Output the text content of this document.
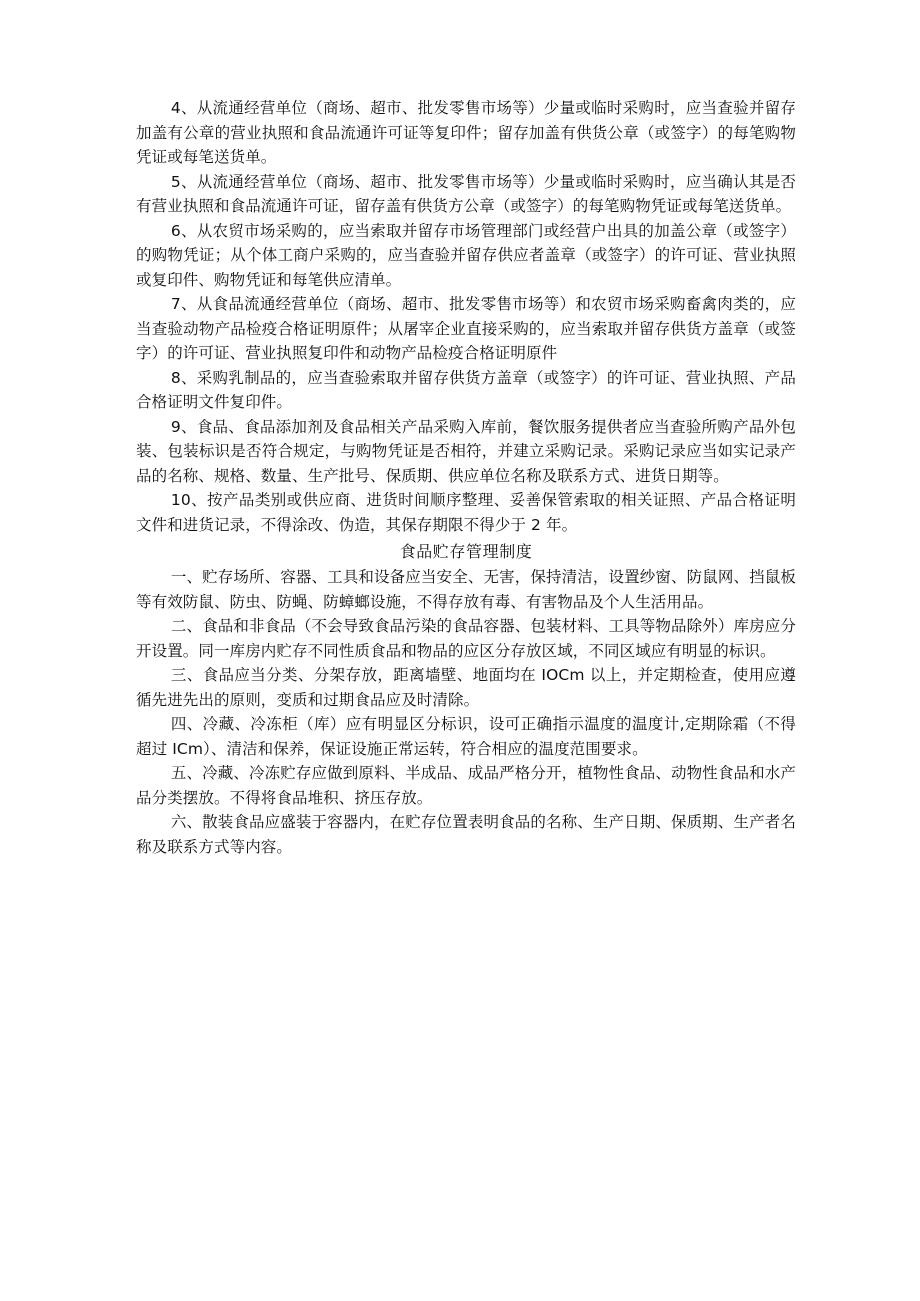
4、从流通经营单位（商场、超市、批发零售市场等）少量或临时采购时，应当查验并留存加盖有公章的营业执照和食品流通许可证等复印件；留存加盖有供货公章（或签字）的每笔购物凭证或每笔送货单。

5、从流通经营单位（商场、超市、批发零售市场等）少量或临时采购时，应当确认其是否有营业执照和食品流通许可证，留存盖有供货方公章（或签字）的每笔购物凭证或每笔送货单。

6、从农贸市场采购的，应当索取并留存市场管理部门或经营户出具的加盖公章（或签字）的购物凭证；从个体工商户采购的，应当查验并留存供应者盖章（或签字）的许可证、营业执照或复印件、购物凭证和每笔供应清单。

7、从食品流通经营单位（商场、超市、批发零售市场等）和农贸市场采购畜禽肉类的，应当查验动物产品检疫合格证明原件；从屠宰企业直接采购的，应当索取并留存供货方盖章（或签字）的许可证、营业执照复印件和动物产品检疫合格证明原件

8、采购乳制品的，应当查验索取并留存供货方盖章（或签字）的许可证、营业执照、产品合格证明文件复印件。

9、食品、食品添加剂及食品相关产品采购入库前，餐饮服务提供者应当查验所购产品外包装、包装标识是否符合规定，与购物凭证是否相符，并建立采购记录。采购记录应当如实记录产品的名称、规格、数量、生产批号、保质期、供应单位名称及联系方式、进货日期等。

10、按产品类别或供应商、进货时间顺序整理、妥善保管索取的相关证照、产品合格证明文件和进货记录，不得涂改、伪造，其保存期限不得少于 2 年。

食品贮存管理制度

一、贮存场所、容器、工具和设备应当安全、无害，保持清洁，设置纱窗、防鼠网、挡鼠板等有效防鼠、防虫、防蝇、防蟑螂设施，不得存放有毒、有害物品及个人生活用品。

二、食品和非食品（不会导致食品污染的食品容器、包装材料、工具等物品除外）库房应分开设置。同一库房内贮存不同性质食品和物品的应区分存放区域，不同区域应有明显的标识。

三、食品应当分类、分架存放，距离墙壁、地面均在 IOCm 以上，并定期检查，使用应遵循先进先出的原则，变质和过期食品应及时清除。

四、冷藏、冷冻柜（库）应有明显区分标识，设可正确指示温度的温度计,定期除霜（不得超过 ICm）、清洁和保养，保证设施正常运转，符合相应的温度范围要求。

五、冷藏、冷冻贮存应做到原料、半成品、成品严格分开，植物性食品、动物性食品和水产品分类摆放。不得将食品堆积、挤压存放。

六、散装食品应盛装于容器内，在贮存位置表明食品的名称、生产日期、保质期、生产者名称及联系方式等内容。
